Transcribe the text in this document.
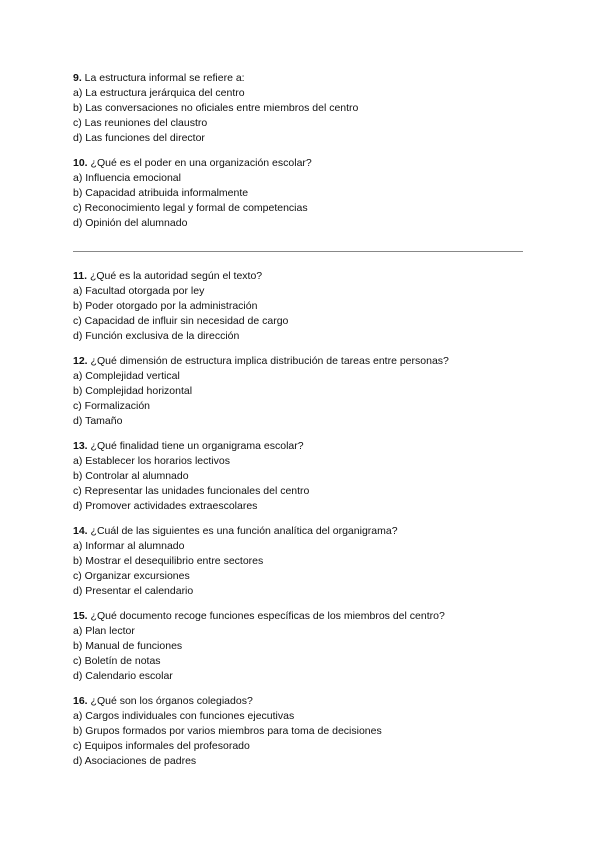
9. La estructura informal se refiere a:
a) La estructura jerárquica del centro
b) Las conversaciones no oficiales entre miembros del centro
c) Las reuniones del claustro
d) Las funciones del director
10. ¿Qué es el poder en una organización escolar?
a) Influencia emocional
b) Capacidad atribuida informalmente
c) Reconocimiento legal y formal de competencias
d) Opinión del alumnado
11. ¿Qué es la autoridad según el texto?
a) Facultad otorgada por ley
b) Poder otorgado por la administración
c) Capacidad de influir sin necesidad de cargo
d) Función exclusiva de la dirección
12. ¿Qué dimensión de estructura implica distribución de tareas entre personas?
a) Complejidad vertical
b) Complejidad horizontal
c) Formalización
d) Tamaño
13. ¿Qué finalidad tiene un organigrama escolar?
a) Establecer los horarios lectivos
b) Controlar al alumnado
c) Representar las unidades funcionales del centro
d) Promover actividades extraescolares
14. ¿Cuál de las siguientes es una función analítica del organigrama?
a) Informar al alumnado
b) Mostrar el desequilibrio entre sectores
c) Organizar excursiones
d) Presentar el calendario
15. ¿Qué documento recoge funciones específicas de los miembros del centro?
a) Plan lector
b) Manual de funciones
c) Boletín de notas
d) Calendario escolar
16. ¿Qué son los órganos colegiados?
a) Cargos individuales con funciones ejecutivas
b) Grupos formados por varios miembros para toma de decisiones
c) Equipos informales del profesorado
d) Asociaciones de padres
